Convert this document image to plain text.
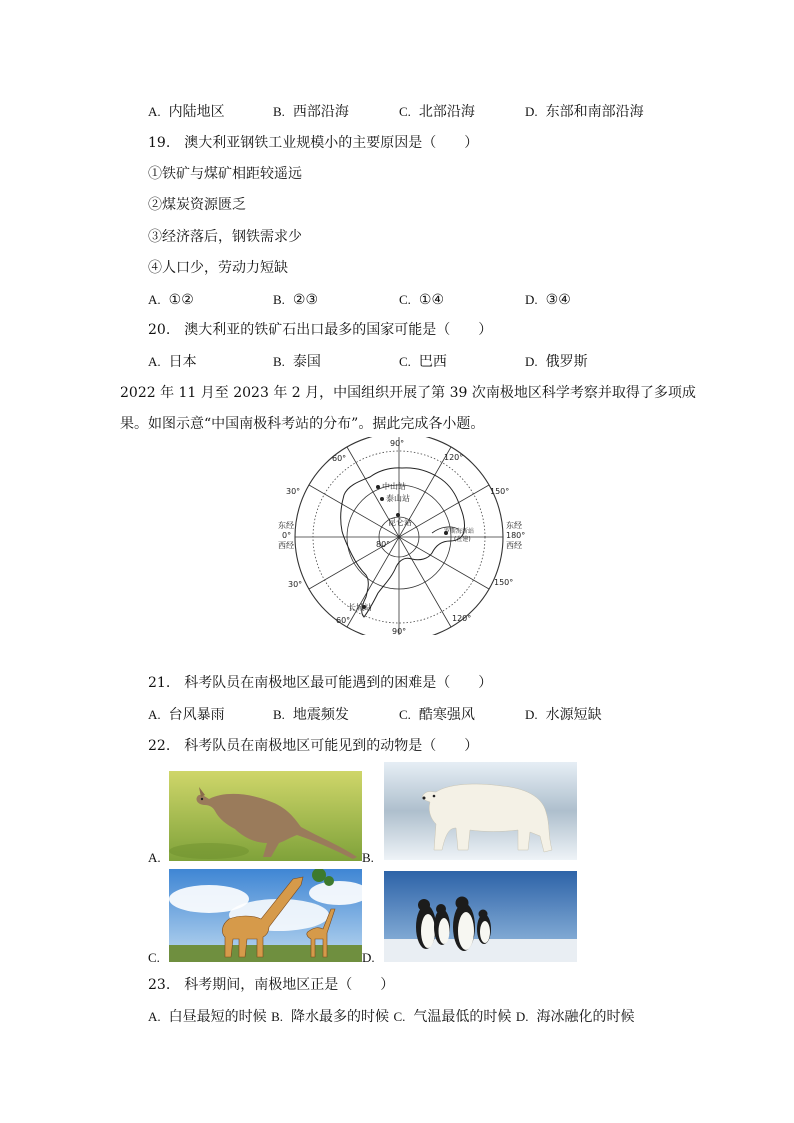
A. 内陆地区	B. 西部沿海	C. 北部沿海	D. 东部和南部沿海
19.　澳大利亚钢铁工业规模小的主要原因是（　　）
①铁矿与煤矿相距较遥远
②煤炭资源匮乏
③经济落后，钢铁需求少
④人口少，劳动力短缺
A. ①②	B. ②③	C. ①④	D. ③④
20.　澳大利亚的铁矿石出口最多的国家可能是（　　）
A. 日本	B. 泰国	C. 巴西	D. 俄罗斯
2022 年 11 月至 2023 年 2 月，中国组织开展了第 39 次南极地区科学考察并取得了多项成
果。如图示意“中国南极科考站的分布”。据此完成各小题。
90°
60°	120°
30°	150°
东经
0°
西经
东经
180°
西经
30°	150°
60°	120°
90°
80°
中山站
泰山站
昆仑站
罗斯海新站
(在建)
长城站
21.　科考队员在南极地区最可能遇到的困难是（　　）
A. 台风暴雨	B. 地震频发	C. 酷寒强风	D. 水源短缺
22.　科考队员在南极地区可能见到的动物是（　　）
A.	B.
C.	D.
23.　科考期间，南极地区正是（　　）
A. 白昼最短的时候 B. 降水最多的时候 C. 气温最低的时候 D. 海冰融化的时候
